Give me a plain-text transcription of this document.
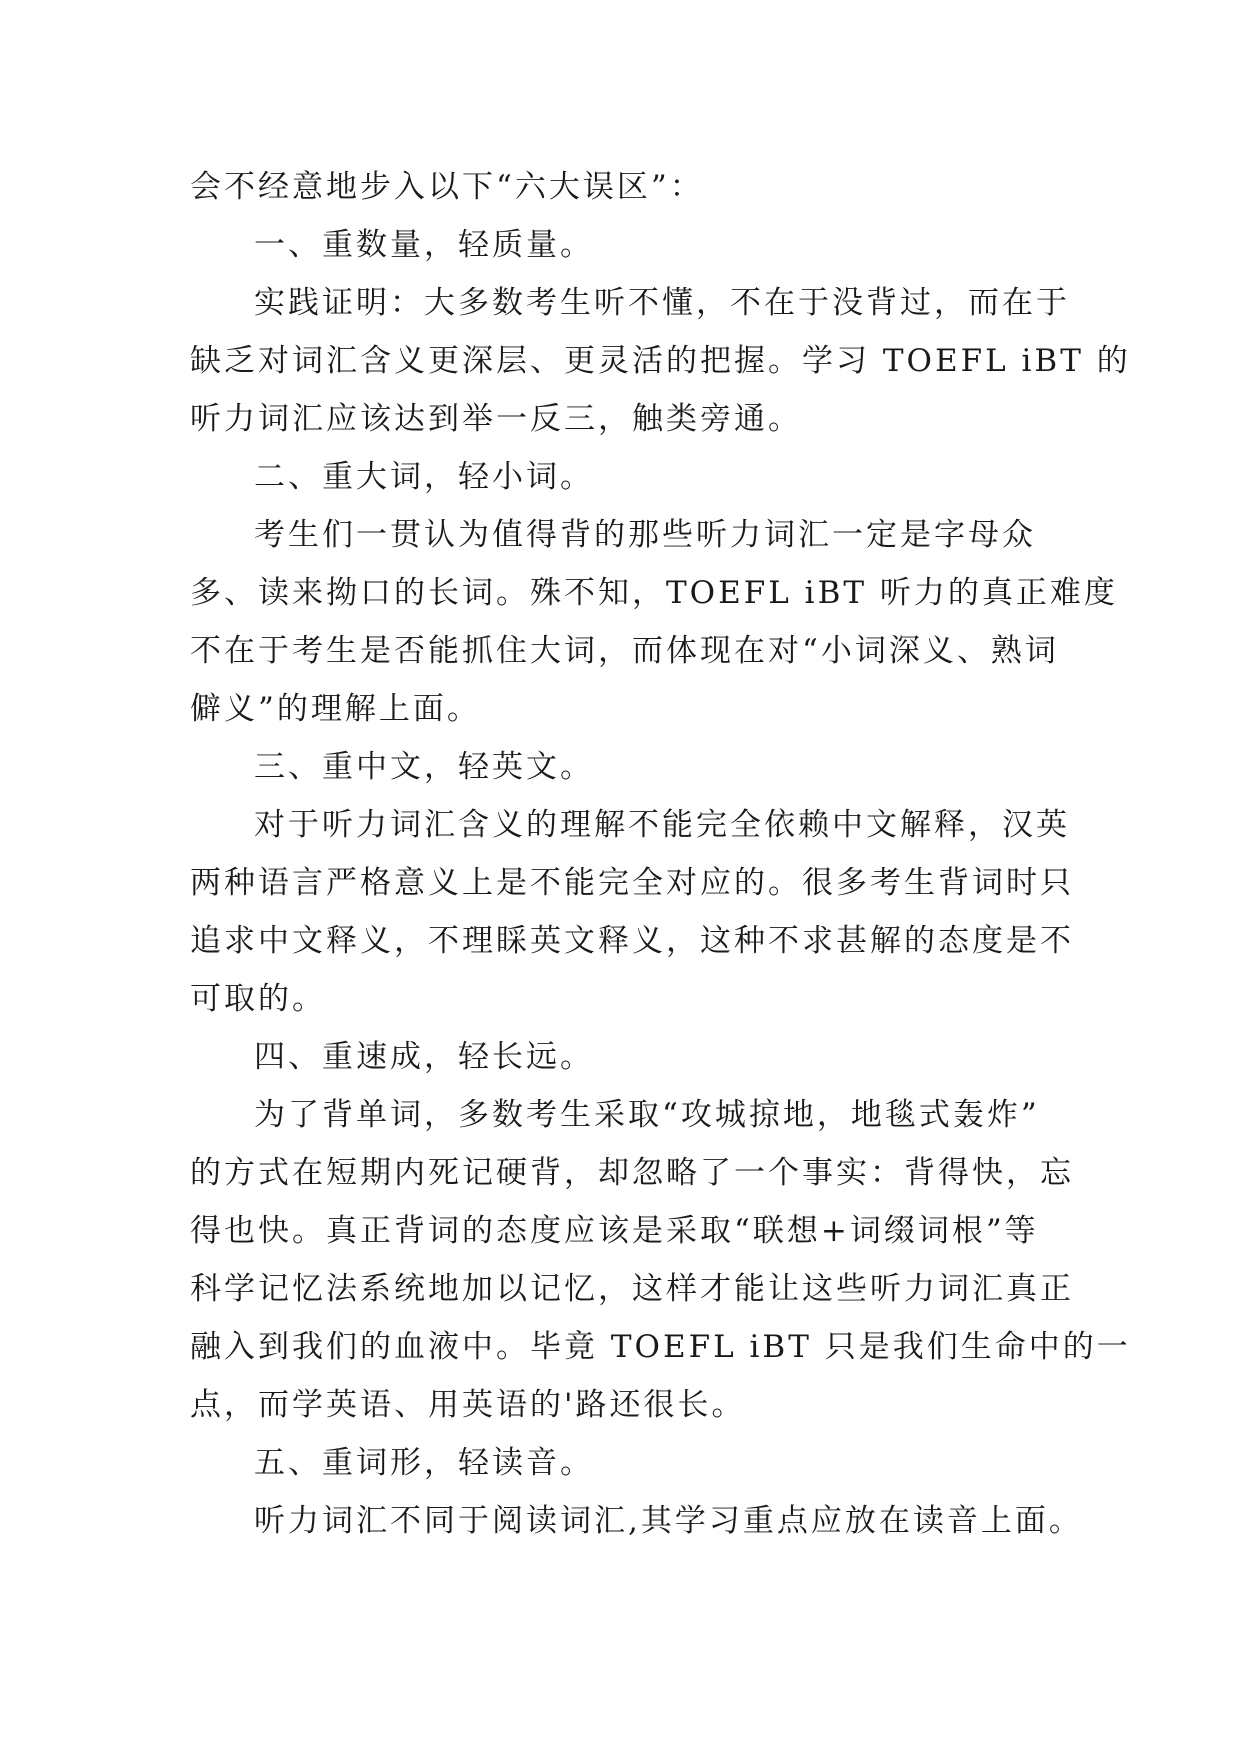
会不经意地步入以下“六大误区”：

一、重数量，轻质量。

实践证明：大多数考生听不懂，不在于没背过，而在于

缺乏对词汇含义更深层、更灵活的把握。学习 TOEFL iBT 的

听力词汇应该达到举一反三，触类旁通。

二、重大词，轻小词。

考生们一贯认为值得背的那些听力词汇一定是字母众

多、读来拗口的长词。殊不知，TOEFL iBT 听力的真正难度

不在于考生是否能抓住大词，而体现在对“小词深义、熟词

僻义”的理解上面。

三、重中文，轻英文。

对于听力词汇含义的理解不能完全依赖中文解释，汉英

两种语言严格意义上是不能完全对应的。很多考生背词时只

追求中文释义，不理睬英文释义，这种不求甚解的态度是不

可取的。

四、重速成，轻长远。

为了背单词，多数考生采取“攻城掠地，地毯式轰炸”

的方式在短期内死记硬背，却忽略了一个事实：背得快，忘

得也快。真正背词的态度应该是采取“联想+词缀词根”等

科学记忆法系统地加以记忆，这样才能让这些听力词汇真正

融入到我们的血液中。毕竟 TOEFL iBT 只是我们生命中的一

点，而学英语、用英语的'路还很长。

五、重词形，轻读音。

听力词汇不同于阅读词汇,其学习重点应放在读音上面。
